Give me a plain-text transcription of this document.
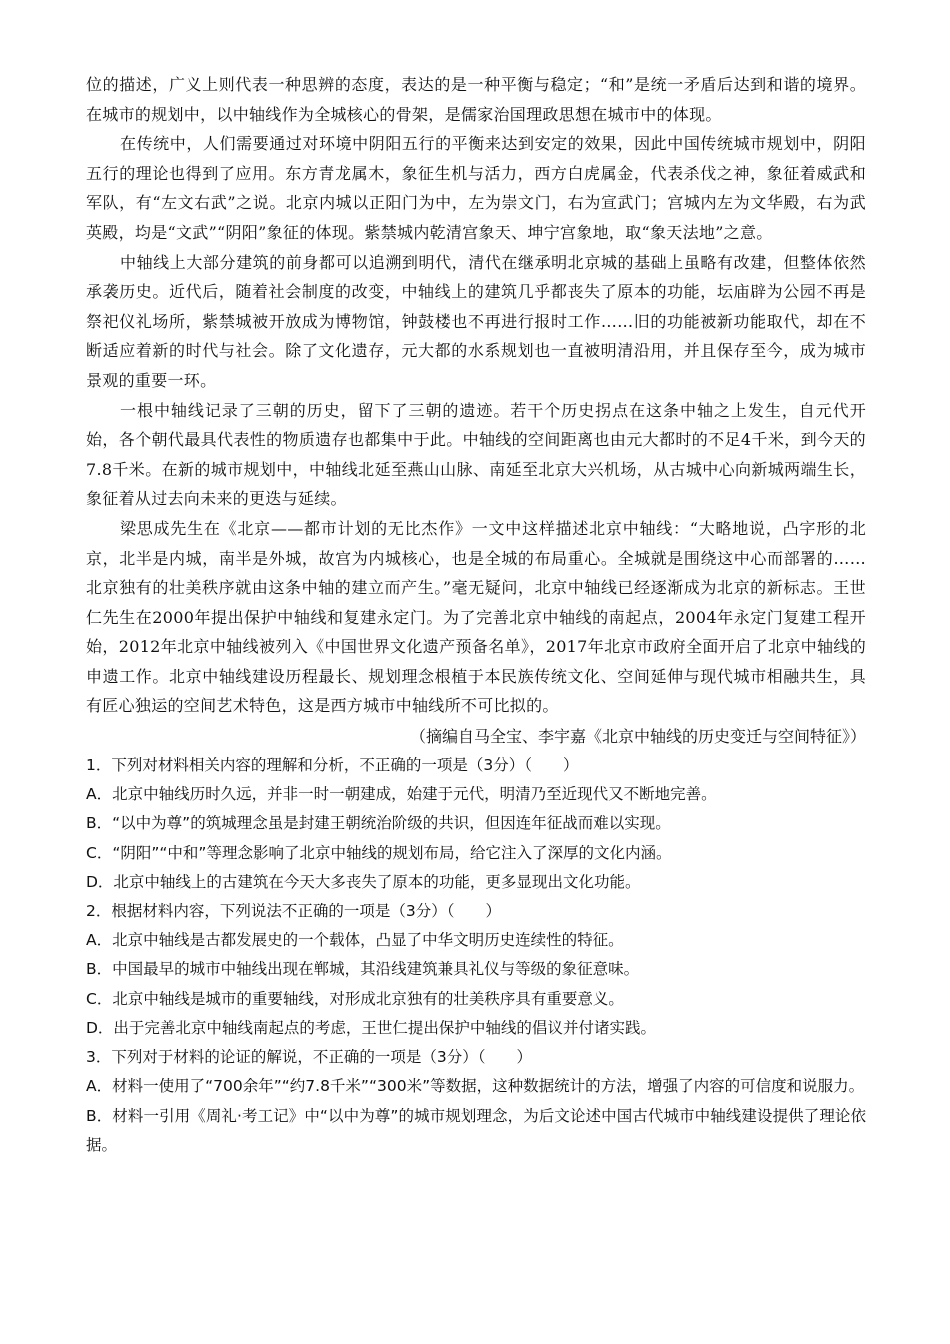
位的描述，广义上则代表一种思辨的态度，表达的是一种平衡与稳定；“和”是统一矛盾后达到和谐的境界。在城市的规划中，以中轴线作为全城核心的骨架，是儒家治国理政思想在城市中的体现。

在传统中，人们需要通过对环境中阴阳五行的平衡来达到安定的效果，因此中国传统城市规划中，阴阳五行的理论也得到了应用。东方青龙属木，象征生机与活力，西方白虎属金，代表杀伐之神，象征着威武和军队，有“左文右武”之说。北京内城以正阳门为中，左为崇文门，右为宣武门；宫城内左为文华殿，右为武英殿，均是“文武”“阴阳”象征的体现。紫禁城内乾清宫象天、坤宁宫象地，取“象天法地”之意。

中轴线上大部分建筑的前身都可以追溯到明代，清代在继承明北京城的基础上虽略有改建，但整体依然承袭历史。近代后，随着社会制度的改变，中轴线上的建筑几乎都丧失了原本的功能，坛庙辟为公园不再是祭祀仪礼场所，紫禁城被开放成为博物馆，钟鼓楼也不再进行报时工作……旧的功能被新功能取代，却在不断适应着新的时代与社会。除了文化遗存，元大都的水系规划也一直被明清沿用，并且保存至今，成为城市景观的重要一环。

一根中轴线记录了三朝的历史，留下了三朝的遗迹。若干个历史拐点在这条中轴之上发生，自元代开始，各个朝代最具代表性的物质遗存也都集中于此。中轴线的空间距离也由元大都时的不足4千米，到今天的7.8千米。在新的城市规划中，中轴线北延至燕山山脉、南延至北京大兴机场，从古城中心向新城两端生长，象征着从过去向未来的更迭与延续。

梁思成先生在《北京——都市计划的无比杰作》一文中这样描述北京中轴线：“大略地说，凸字形的北京，北半是内城，南半是外城，故宫为内城核心，也是全城的布局重心。全城就是围绕这中心而部署的……北京独有的壮美秩序就由这条中轴的建立而产生。”毫无疑问，北京中轴线已经逐渐成为北京的新标志。王世仁先生在2000年提出保护中轴线和复建永定门。为了完善北京中轴线的南起点，2004年永定门复建工程开始，2012年北京中轴线被列入《中国世界文化遗产预备名单》，2017年北京市政府全面开启了北京中轴线的申遗工作。北京中轴线建设历程最长、规划理念根植于本民族传统文化、空间延伸与现代城市相融共生，具有匠心独运的空间艺术特色，这是西方城市中轴线所不可比拟的。

（摘编自马全宝、李宇嘉《北京中轴线的历史变迁与空间特征》）

1．下列对材料相关内容的理解和分析，不正确的一项是（3分）（　　）

A．北京中轴线历时久远，并非一时一朝建成，始建于元代，明清乃至近现代又不断地完善。

B．“以中为尊”的筑城理念虽是封建王朝统治阶级的共识，但因连年征战而难以实现。

C．“阴阳”“中和”等理念影响了北京中轴线的规划布局，给它注入了深厚的文化内涵。

D．北京中轴线上的古建筑在今天大多丧失了原本的功能，更多显现出文化功能。

2．根据材料内容，下列说法不正确的一项是（3分）（　　）

A．北京中轴线是古都发展史的一个载体，凸显了中华文明历史连续性的特征。

B．中国最早的城市中轴线出现在郸城，其沿线建筑兼具礼仪与等级的象征意味。

C．北京中轴线是城市的重要轴线，对形成北京独有的壮美秩序具有重要意义。

D．出于完善北京中轴线南起点的考虑，王世仁提出保护中轴线的倡议并付诸实践。

3．下列对于材料的论证的解说，不正确的一项是（3分）（　　）

A．材料一使用了“700余年”“约7.8千米”“300米”等数据，这种数据统计的方法，增强了内容的可信度和说服力。

B．材料一引用《周礼·考工记》中“以中为尊”的城市规划理念，为后文论述中国古代城市中轴线建设提供了理论依据。
